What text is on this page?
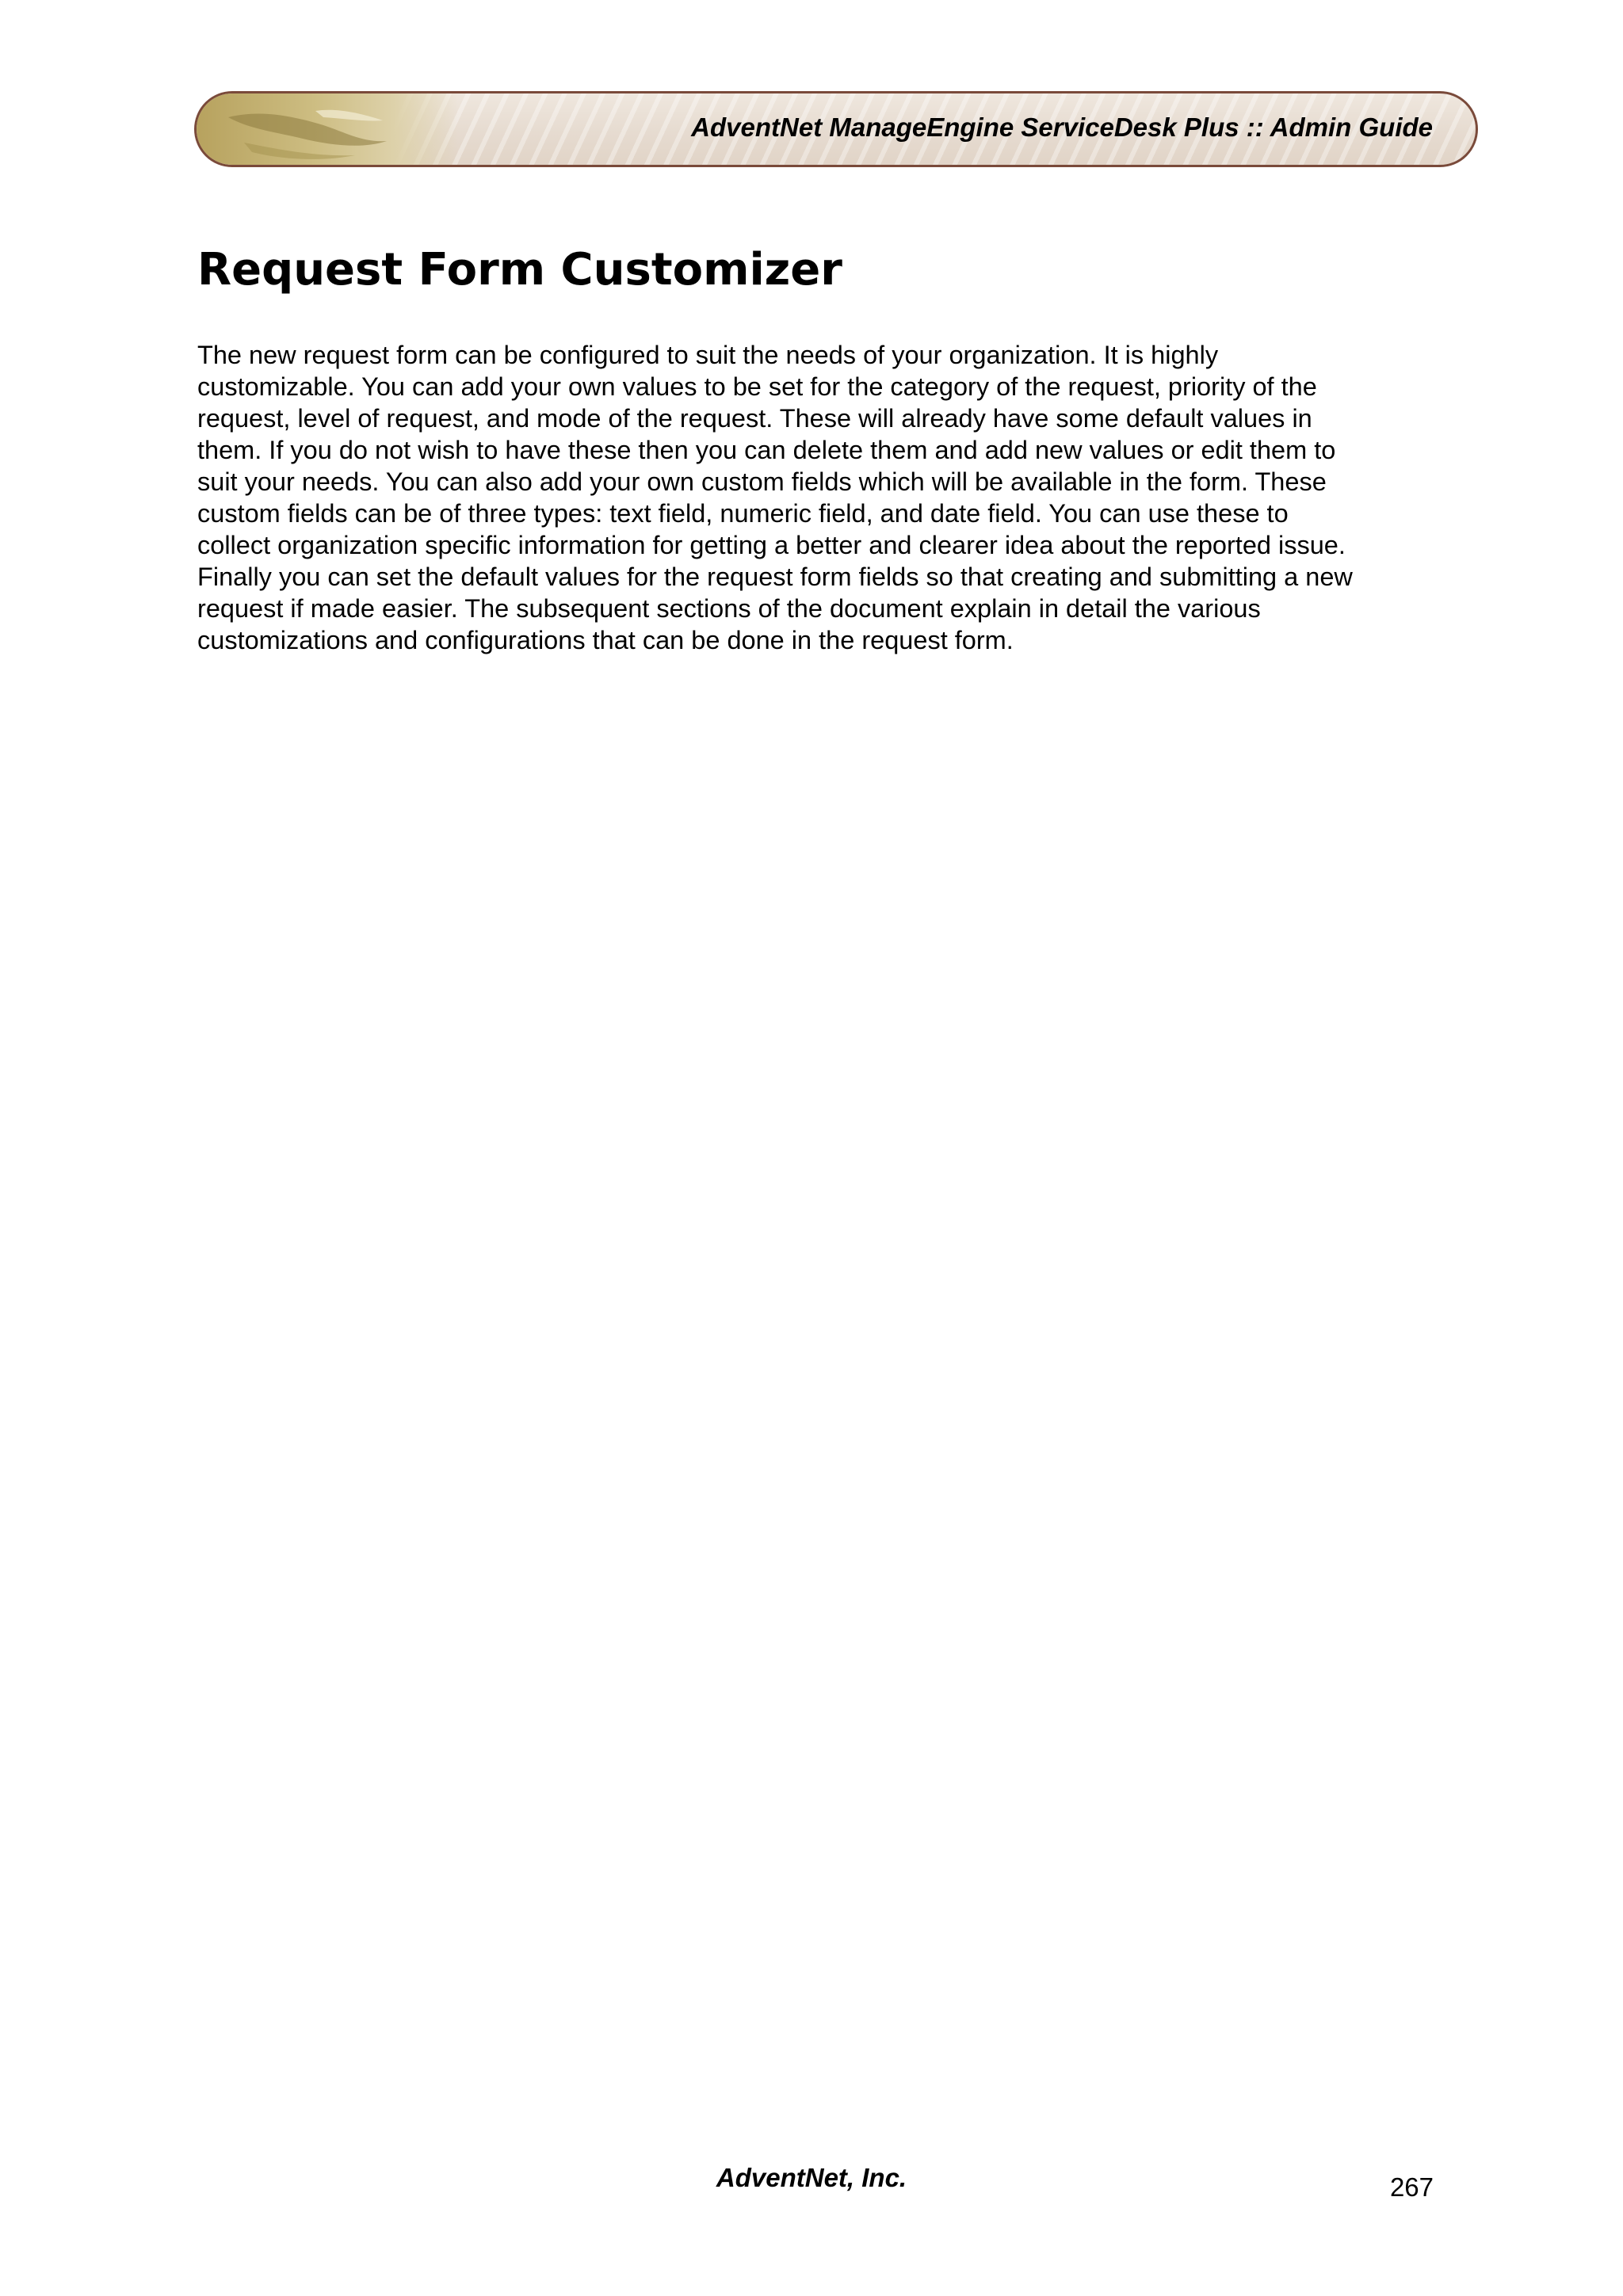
AdventNet ManageEngine ServiceDesk Plus :: Admin Guide
Request Form Customizer

The new request form can be configured to suit the needs of your organization. It is highly
customizable. You can add your own values to be set for the category of the request, priority of the
request, level of request, and mode of the request. These will already have some default values in
them. If you do not wish to have these then you can delete them and add new values or edit them to
suit your needs. You can also add your own custom fields which will be available in the form. These
custom fields can be of three types: text field, numeric field, and date field. You can use these to
collect organization specific information for getting a better and clearer idea about the reported issue.
Finally you can set the default values for the request form fields so that creating and submitting a new
request if made easier. The subsequent sections of the document explain in detail the various
customizations and configurations that can be done in the request form.

AdventNet, Inc.	267
